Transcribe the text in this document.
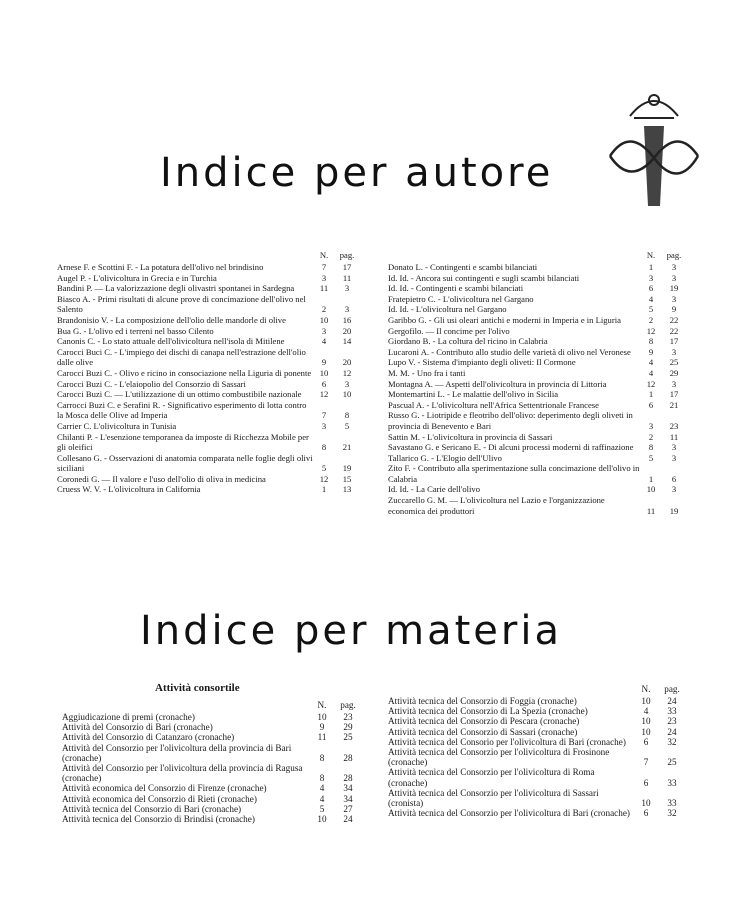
Indice per autore
Indice per materia
N.	pag.
Arnese F. e Scottini F. - La potatura dell'olivo nel brindisino	7	17
Augel P. - L'olivicoltura in Grecia e in Turchia	3	11
Bandini P. — La valorizzazione degli olivastri spontanei in Sardegna	11	3
Biasco A. - Primi risultati di alcune prove di concimazione dell'olivo nel Salento	2	3
Brandonisio V. - La composizione dell'olio delle mandorle di olive	10	16
Bua G. - L'olivo ed i terreni nel basso Cilento	3	20
Canonis C. - Lo stato attuale dell'olivicoltura nell'isola di Mitilene	4	14
Carocci Buci C. - L'impiego dei dischi di canapa nell'estrazione dell'olio dalle olive	9	20
Carocci Buzi C. - Olivo e ricino in consociazione nella Liguria di ponente 10	12
Carocci Buzi C. - L'elaiopolio del Consorzio di Sassari	6	3
Carocci Buzi C. — L'utilizzazione di un ottimo combustibile nazionale	12	10
Carrocci Buzi C. e Serafini R. - Significativo esperimento di lotta contro la Mosca delle Olive ad Imperia	7	8
Carrier C. L'olivicoltura in Tunisia	3	5
Chilanti P. - L'esenzione temporanea da imposte di Ricchezza Mobile per gli oleifici	8	21
Collesano G. - Osservazioni di anatomia comparata nelle foglie degli olivi siciliani	5	19
Coronedi G. — Il valore e l'uso dell'olio di oliva in medicina	12	15
Cruess W. V. - L'olivicoltura in California	1	13
N.	pag.
Donato L. - Contingenti e scambi bilanciati	1	3
Id. Id. - Ancora sui contingenti e sugli scambi bilanciati	3	3
Id. Id. - Contingenti e scambi bilanciati	6	19
Fratepietro C. - L'olivicoltura nel Gargano	4	3
Id. Id. - L'olivicoltura nel Gargano	5	9
Garibbo G. - Gli usi oleari antichi e moderni in Imperia e in Liguria	2	22
Gergofilo. — Il concime per l'olivo	12	22
Giordano B. - La coltura del ricino in Calabria	8	17
Lucaroni A. - Contributo allo studio delle varietà di olivo nel Veronese	9	3
Lupo V. - Sistema d'impianto degli oliveti: Il Cormone	4	25
M. M. - Uno fra i tanti	4	29
Montagna A. — Aspetti dell'olivicoltura in provincia di Littoria	12	3
Montemartini L. - Le malattie dell'olivo in Sicilia	1	17
Pascual A. - L'olivicoltura nell'Africa Settentrionale Francese	6	21
Russo G. - Liotripide e fleotribo dell'olivo: deperimento degli oliveti in provincia di Benevento e Bari	3	23
Sattin M. - L'olivicoltura in provincia di Sassari	2	11
Savastano G. e Sericano E. - Di alcuni processi moderni di raffinazione	8	3
Tallarico G. - L'Elogio dell'Ulivo	5	3
Zito F. - Contributo alla sperimentazione sulla concimazione dell'olivo in Calabria	1	6
Id. Id. - La Carie dell'olivo	10	3
Zuccarello G. M. — L'olivicoltura nel Lazio e l'organizzazione economica dei produttori	11	19
Attività consortile
N.	pag.
Aggiudicazione di premi (cronache)	10	23
Attività del Consorzio di Bari (cronache)	9	29
Attività del Consorzio di Catanzaro (cronache)	11	25
Attività del Consorzio per l'olivicoltura della provincia di Bari (cronache)	8	28
Attività del Consorzio per l'olivicoltura della provincia di Ragusa (cronache)	8	28
Attività economica del Consorzio di Firenze (cronache)	4	34
Attività economica del Consorzio di Rieti (cronache)	4	34
Attività tecnica del Consorzio di Bari (cronache)	5	27
Attività tecnica del Consorzio di Brindisi (cronache)	10	24
N.	pag.
Attività tecnica del Consorzio di Foggia (cronache)	10	24
Attività tecnica del Consorzio di La Spezia (cronache)	4	33
Attività tecnica del Consorzio di Pescara (cronache)	10	23
Attività tecnica del Consorzio di Sassari (cronache)	10	24
Attività tecnica del Consorio per l'olivicoltura di Bari (cronache)	6	32
Attività tecnica del Consorzio per l'olivicoltura di Frosinone (cronache)	7	25
Attività tecnica del Consorzio per l'olivicoltura di Roma (cronache)	6	33
Attività tecnica del Consorzio per l'olivicoltura di Sassari (cronista)	10	33
Attività tecnica del Consorzio per l'olivicoltura di Bari (cronache)	6	32
